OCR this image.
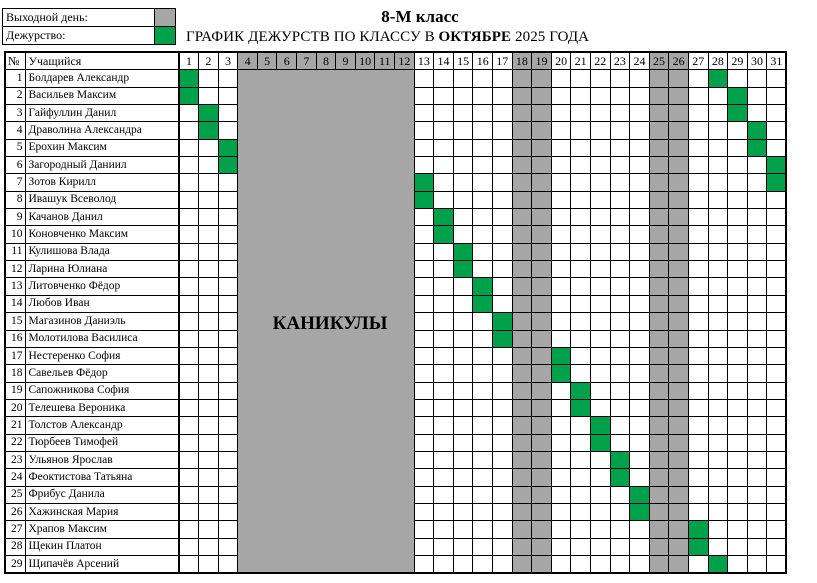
Выходной день:	
Дежурство:	
8-М класс
ГРАФИК ДЕЖУРСТВ ПО КЛАССУ В ОКТЯБРЕ 2025 ГОДА
№	Учащийся	1	2	3	4	5	6	7	8	9	10	11	12	13	14	15	16	17	18	19	20	21	22	23	24	25	26	27	28	29	30	31
1	Болдарев Александр																															
2	Васильев Максим																															
3	Гайфуллин Данил																															
4	Драволина Александра																															
5	Ерохин Максим																															
6	Загородный Даниил																															
7	Зотов Кирилл																															
8	Ивашук Всеволод																															
9	Качанов Данил																															
10	Коновченко Максим																															
11	Кулишова Влада																															
12	Ларина Юлиана																															
13	Литовченко Фёдор																															
14	Любов Иван																															
15	Магазинов Даниэль																															
16	Молотилова Василиса																															
17	Нестеренко София																															
18	Савельев Фёдор																															
19	Сапожникова София																															
20	Телешева Вероника																															
21	Толстов Александр																															
22	Тюрбеев Тимофей																															
23	Ульянов Ярослав																															
24	Феоктистова Татьяна																															
25	Фрибус Данила																															
26	Хажинская Мария																															
27	Храпов Максим																															
28	Щекин Платон																															
29	Щипачёв Арсений																															
КАНИКУЛЫ
